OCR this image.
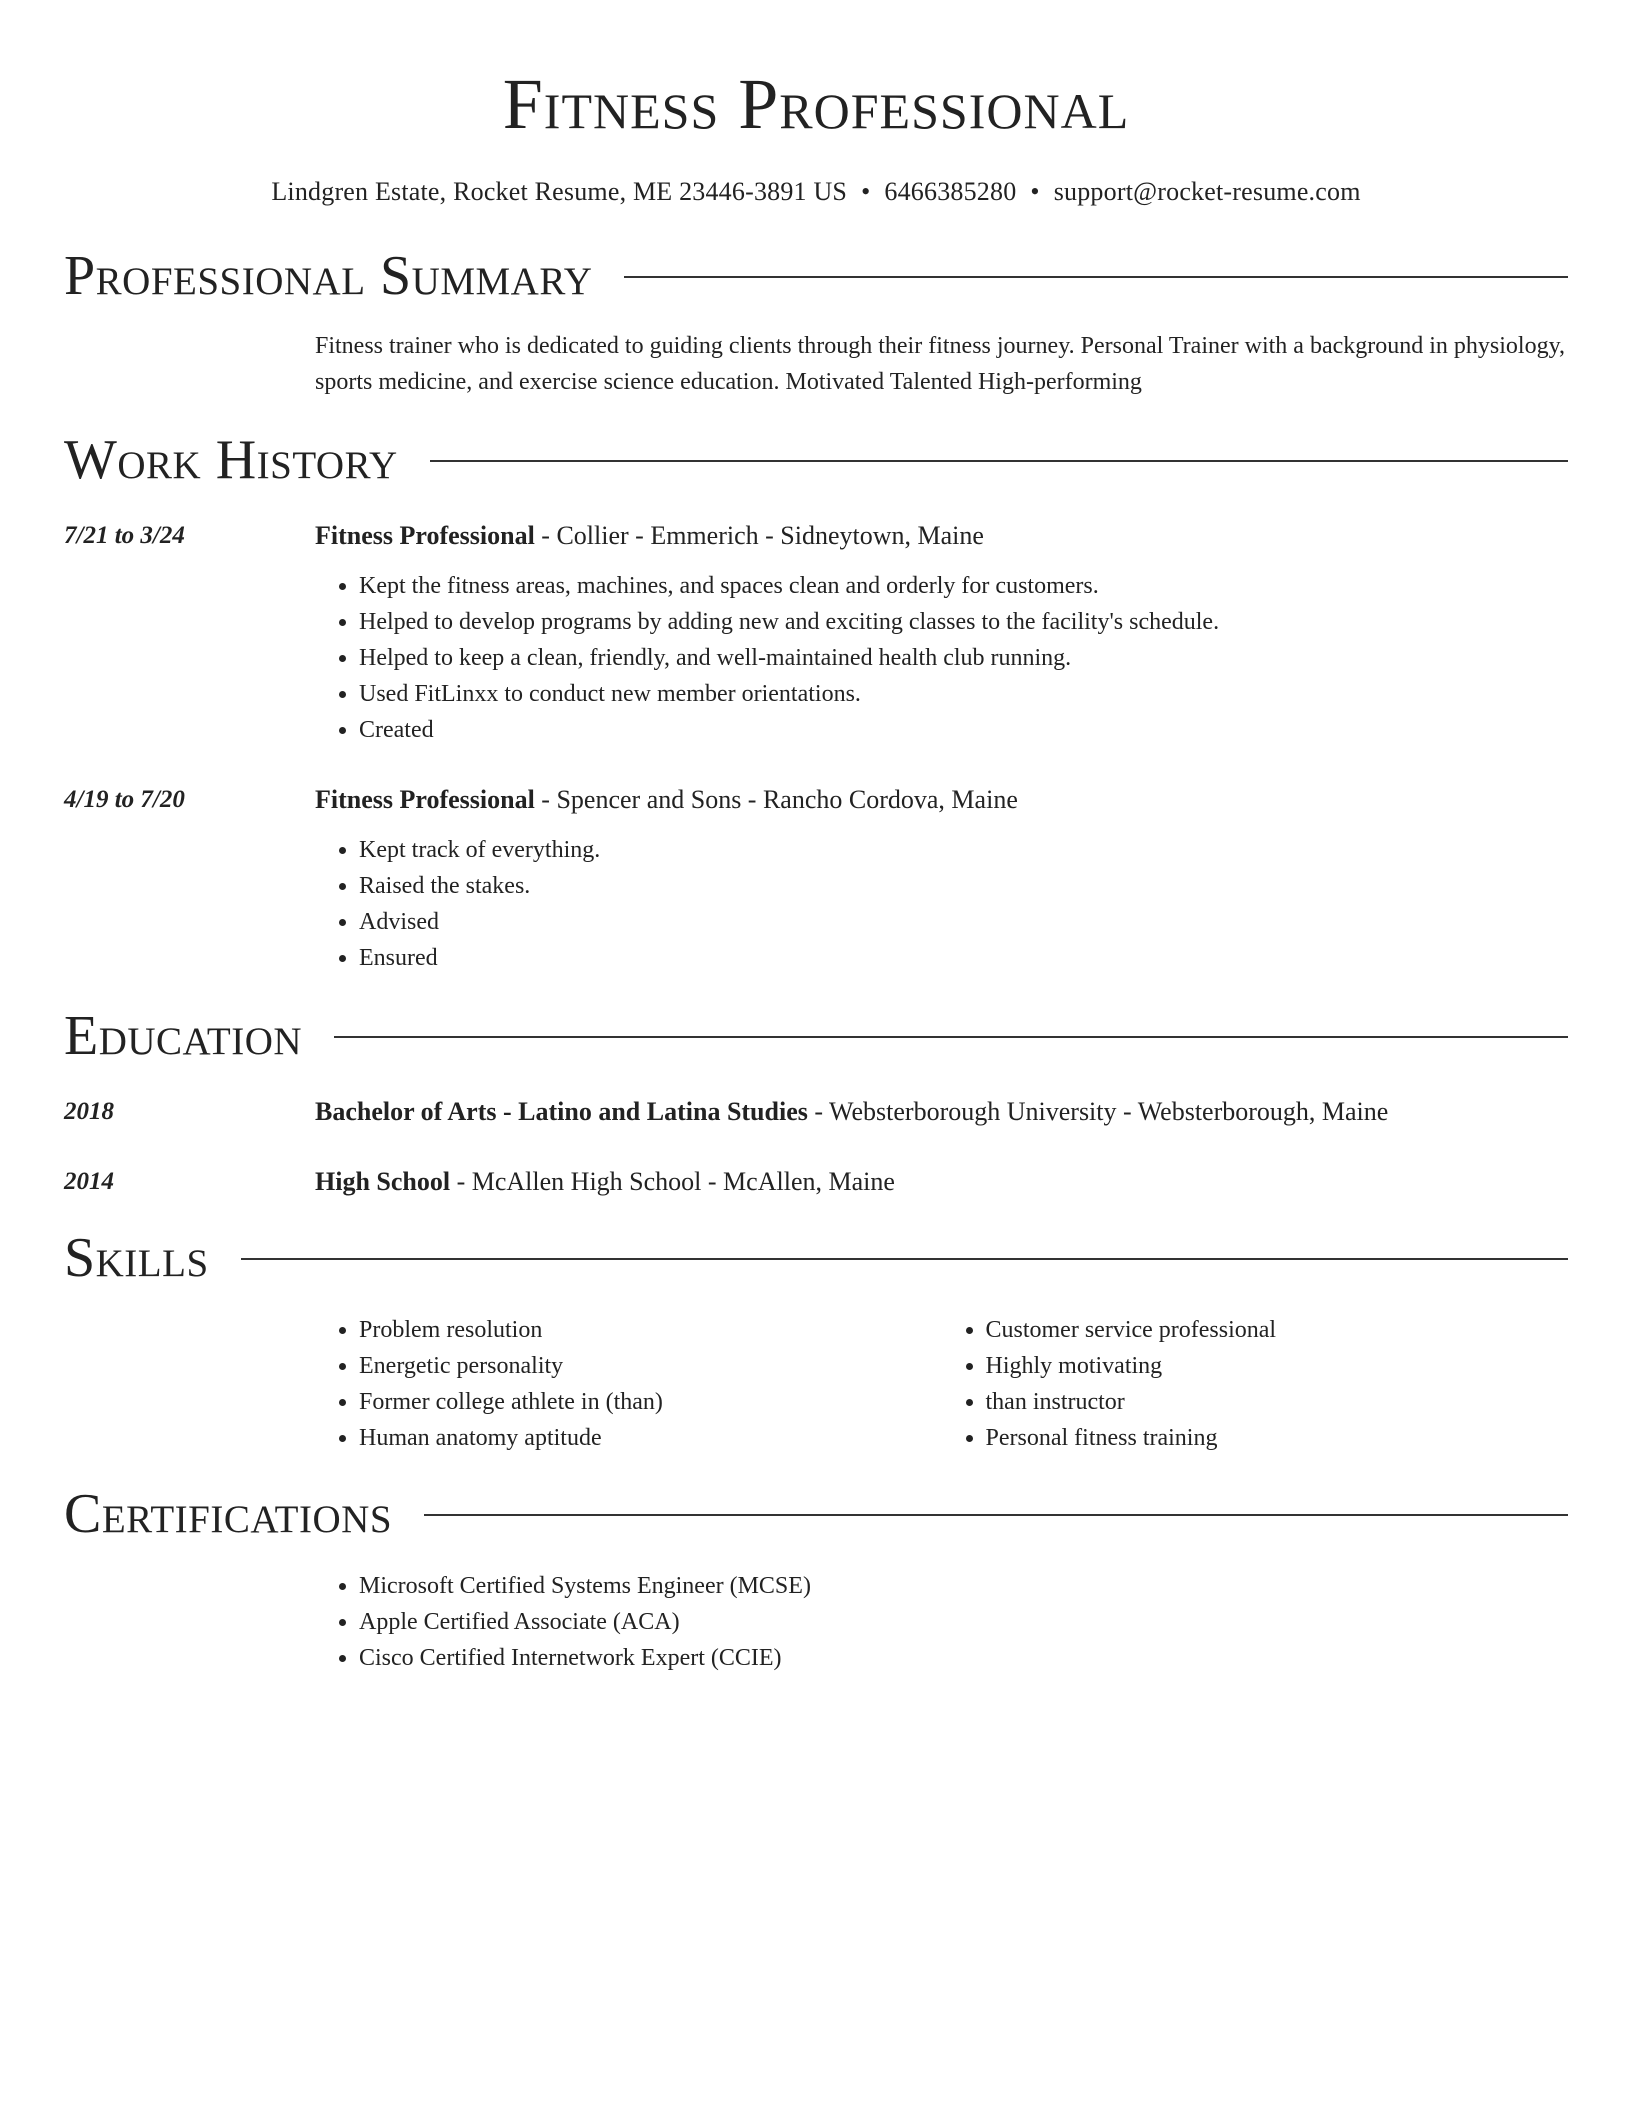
Fitness Professional
Lindgren Estate, Rocket Resume, ME 23446-3891 US • 6466385280 • support@rocket-resume.com
Professional Summary
Fitness trainer who is dedicated to guiding clients through their fitness journey. Personal Trainer with a background in physiology, sports medicine, and exercise science education. Motivated Talented High-performing
Work History
7/21 to 3/24	Fitness Professional - Collier - Emmerich - Sidneytown, Maine
• Kept the fitness areas, machines, and spaces clean and orderly for customers.
• Helped to develop programs by adding new and exciting classes to the facility's schedule.
• Helped to keep a clean, friendly, and well-maintained health club running.
• Used FitLinxx to conduct new member orientations.
• Created
4/19 to 7/20	Fitness Professional - Spencer and Sons - Rancho Cordova, Maine
• Kept track of everything.
• Raised the stakes.
• Advised
• Ensured
Education
2018	Bachelor of Arts - Latino and Latina Studies - Websterborough University - Websterborough, Maine
2014	High School - McAllen High School - McAllen, Maine
Skills
• Problem resolution
• Energetic personality
• Former college athlete in (than)
• Human anatomy aptitude
• Customer service professional
• Highly motivating
• than instructor
• Personal fitness training
Certifications
• Microsoft Certified Systems Engineer (MCSE)
• Apple Certified Associate (ACA)
• Cisco Certified Internetwork Expert (CCIE)
